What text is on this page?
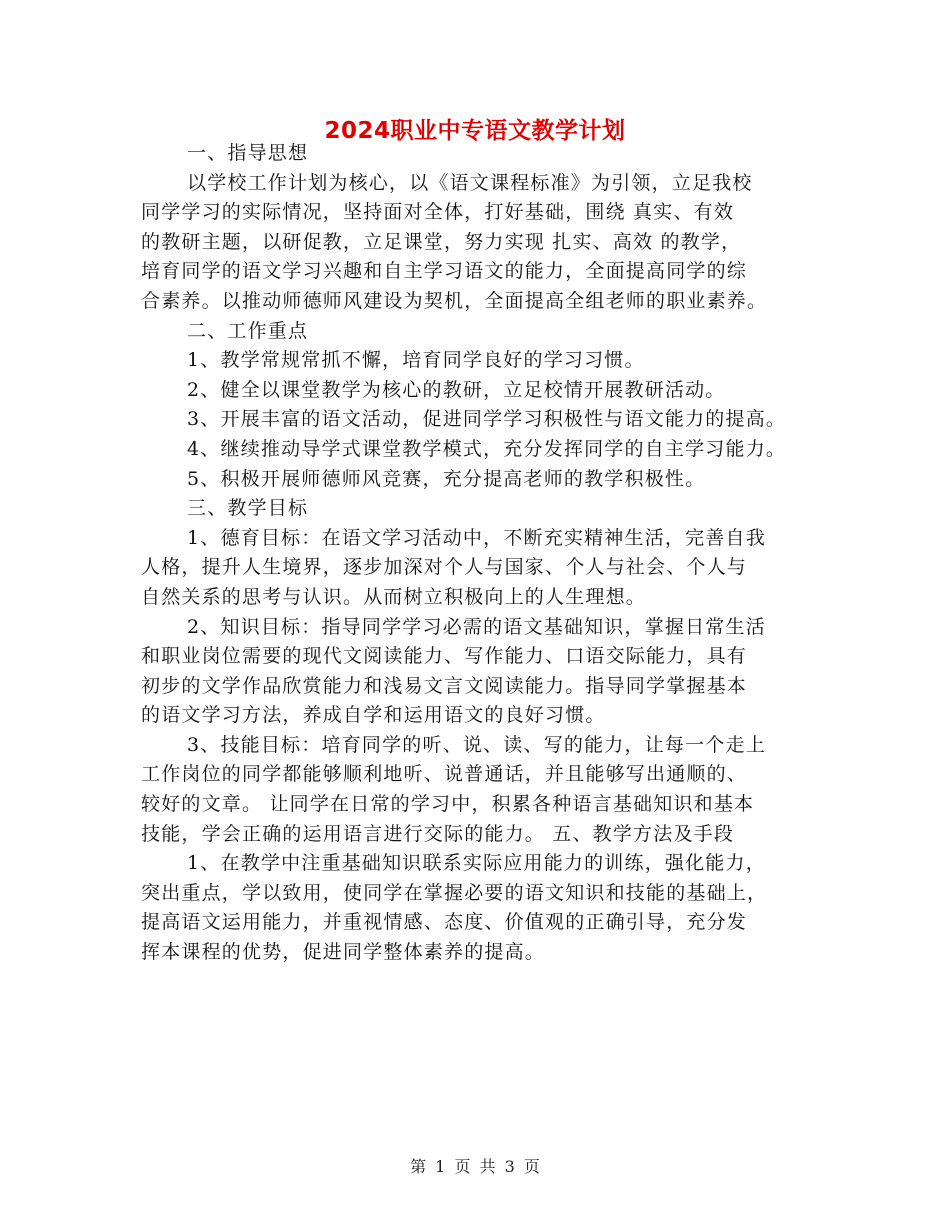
2024职业中专语文教学计划
一、指导思想
以学校工作计划为核心，以《语文课程标准》为引领，立足我校
同学学习的实际情况，坚持面对全体，打好基础，围绕 真实、有效
的教研主题，以研促教，立足课堂，努力实现 扎实、高效 的教学，
培育同学的语文学习兴趣和自主学习语文的能力，全面提高同学的综
合素养。以推动师德师风建设为契机，全面提高全组老师的职业素养。
二、工作重点
1、教学常规常抓不懈，培育同学良好的学习习惯。
2、健全以课堂教学为核心的教研，立足校情开展教研活动。
3、开展丰富的语文活动，促进同学学习积极性与语文能力的提高。
4、继续推动导学式课堂教学模式，充分发挥同学的自主学习能力。
5、积极开展师德师风竞赛，充分提高老师的教学积极性。
三、教学目标
1、德育目标：在语文学习活动中，不断充实精神生活，完善自我
人格，提升人生境界，逐步加深对个人与国家、个人与社会、个人与
自然关系的思考与认识。从而树立积极向上的人生理想。
2、知识目标：指导同学学习必需的语文基础知识，掌握日常生活
和职业岗位需要的现代文阅读能力、写作能力、口语交际能力，具有
初步的文学作品欣赏能力和浅易文言文阅读能力。指导同学掌握基本
的语文学习方法，养成自学和运用语文的良好习惯。
3、技能目标：培育同学的听、说、读、写的能力，让每一个走上
工作岗位的同学都能够顺利地听、说普通话，并且能够写出通顺的、
较好的文章。 让同学在日常的学习中，积累各种语言基础知识和基本
技能，学会正确的运用语言进行交际的能力。 五、教学方法及手段
1、在教学中注重基础知识联系实际应用能力的训练，强化能力，
突出重点，学以致用，使同学在掌握必要的语文知识和技能的基础上，
提高语文运用能力，并重视情感、态度、价值观的正确引导，充分发
挥本课程的优势，促进同学整体素养的提高。
第 1 页 共 3 页
